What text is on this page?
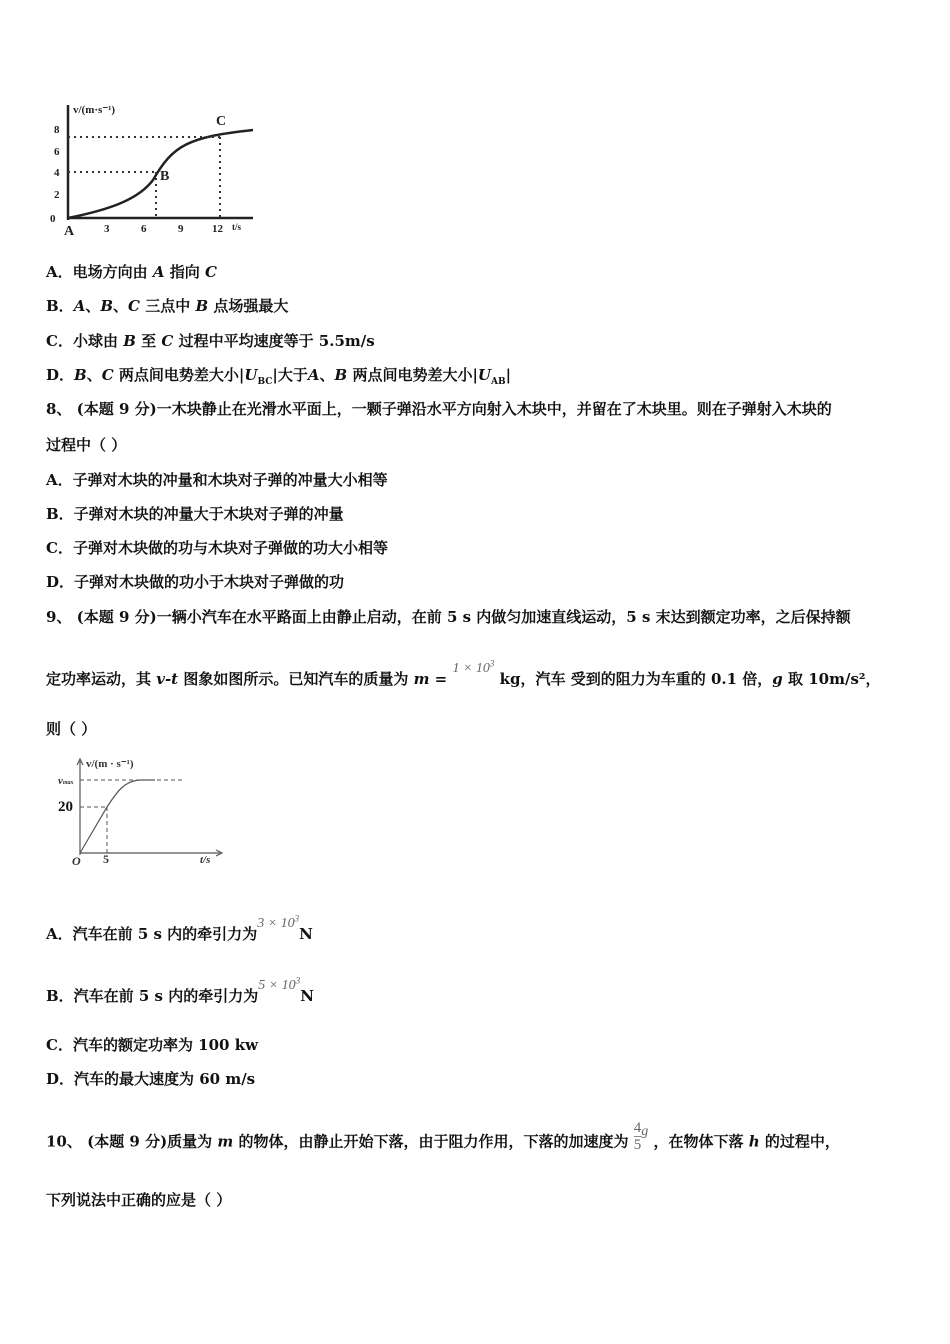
v/(m·s⁻¹)
0
2
4
6
8
3	6	9	12 t/s
A
B
C
A．电场方向由 A 指向 C
B．A、B、C 三点中 B 点场强最大
C．小球由 B 至 C 过程中平均速度等于 5.5m/s
D．B、C 两点间电势差大小$|U_{BC}|$大于A、B 两点间电势差大小$|U_{AB}|$
8、 (本题 9 分)一木块静止在光滑水平面上，一颗子弹沿水平方向射入木块中，并留在了木块里。则在子弹射入木块的
过程中（ ）
A．子弹对木块的冲量和木块对子弹的冲量大小相等
B．子弹对木块的冲量大于木块对子弹的冲量
C．子弹对木块做的功与木块对子弹做的功大小相等
D．子弹对木块做的功小于木块对子弹做的功
9、 (本题 9 分)一辆小汽车在水平路面上由静止启动，在前 5 s 内做匀加速直线运动，5 s 末达到额定功率，之后保持额
定功率运动，其 v-t 图象如图所示。已知汽车的质量为 $m = 1 \times 10^3$ kg，汽车 受到的阻力为车重的 0.1 倍，g 取 10m/s²，
则（ ）
v/(m · s⁻¹)
vmax
20
O 5	t/s
A．汽车在前 5 s 内的牵引力为$3 \times 10^3N$
B．汽车在前 5 s 内的牵引力为$5 \times 10^3N$
C．汽车的额定功率为 100 kw
D．汽车的最大速度为 60 m/s
10、 (本题 9 分)质量为 m 的物体，由静止开始下落，由于阻力作用，下落的加速度为 $\frac{4}{5}$ g ，在物体下落 h 的过程中，
下列说法中正确的应是（ ）
